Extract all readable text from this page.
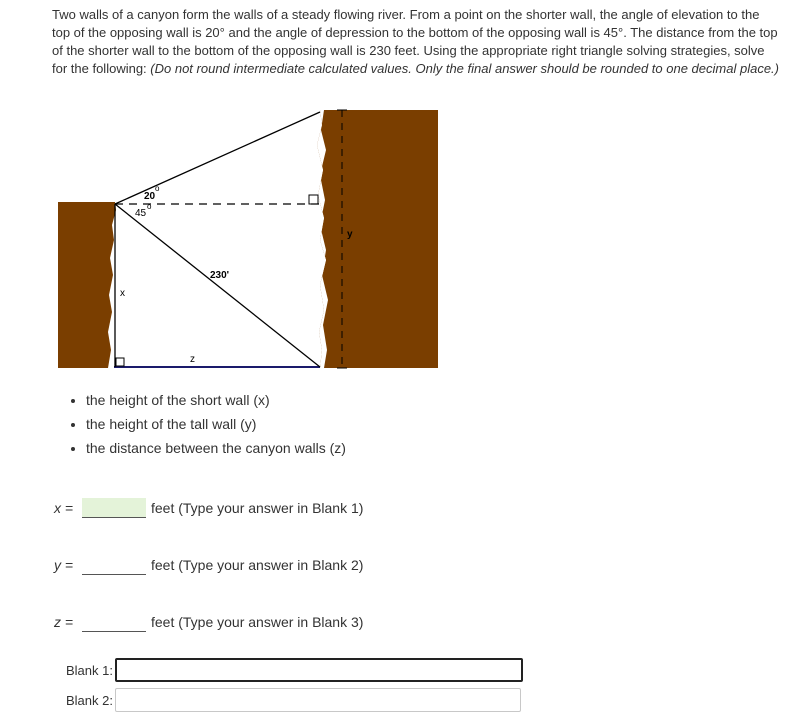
Two walls of a canyon form the walls of a steady flowing river. From a point on the shorter wall, the angle of elevation to the top of the opposing wall is 20° and the angle of depression to the bottom of the opposing wall is 45°. The distance from the top of the shorter wall to the bottom of the opposing wall is 230 feet. Using the appropriate right triangle solving strategies, solve for the following: (Do not round intermediate calculated values. Only the final answer should be rounded to one decimal place.)
20
o
45
o
230'
x
y
z
• the height of the short wall (x)
• the height of the tall wall (y)
• the distance between the canyon walls (z)
x =	feet (Type your answer in Blank 1)
y =	feet (Type your answer in Blank 2)
z =	feet (Type your answer in Blank 3)
Blank 1:
Blank 2:
